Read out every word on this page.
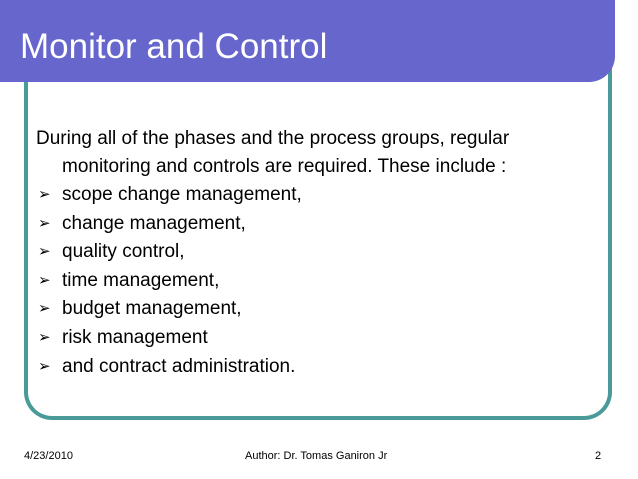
Monitor and Control

During all of the phases and the process groups, regular monitoring and controls are required. These include :

➢ scope change management,
➢ change management,
➢ quality control,
➢ time management,
➢ budget management,
➢ risk management
➢ and contract administration.
4/23/2010	Author: Dr. Tomas Ganiron Jr	2
